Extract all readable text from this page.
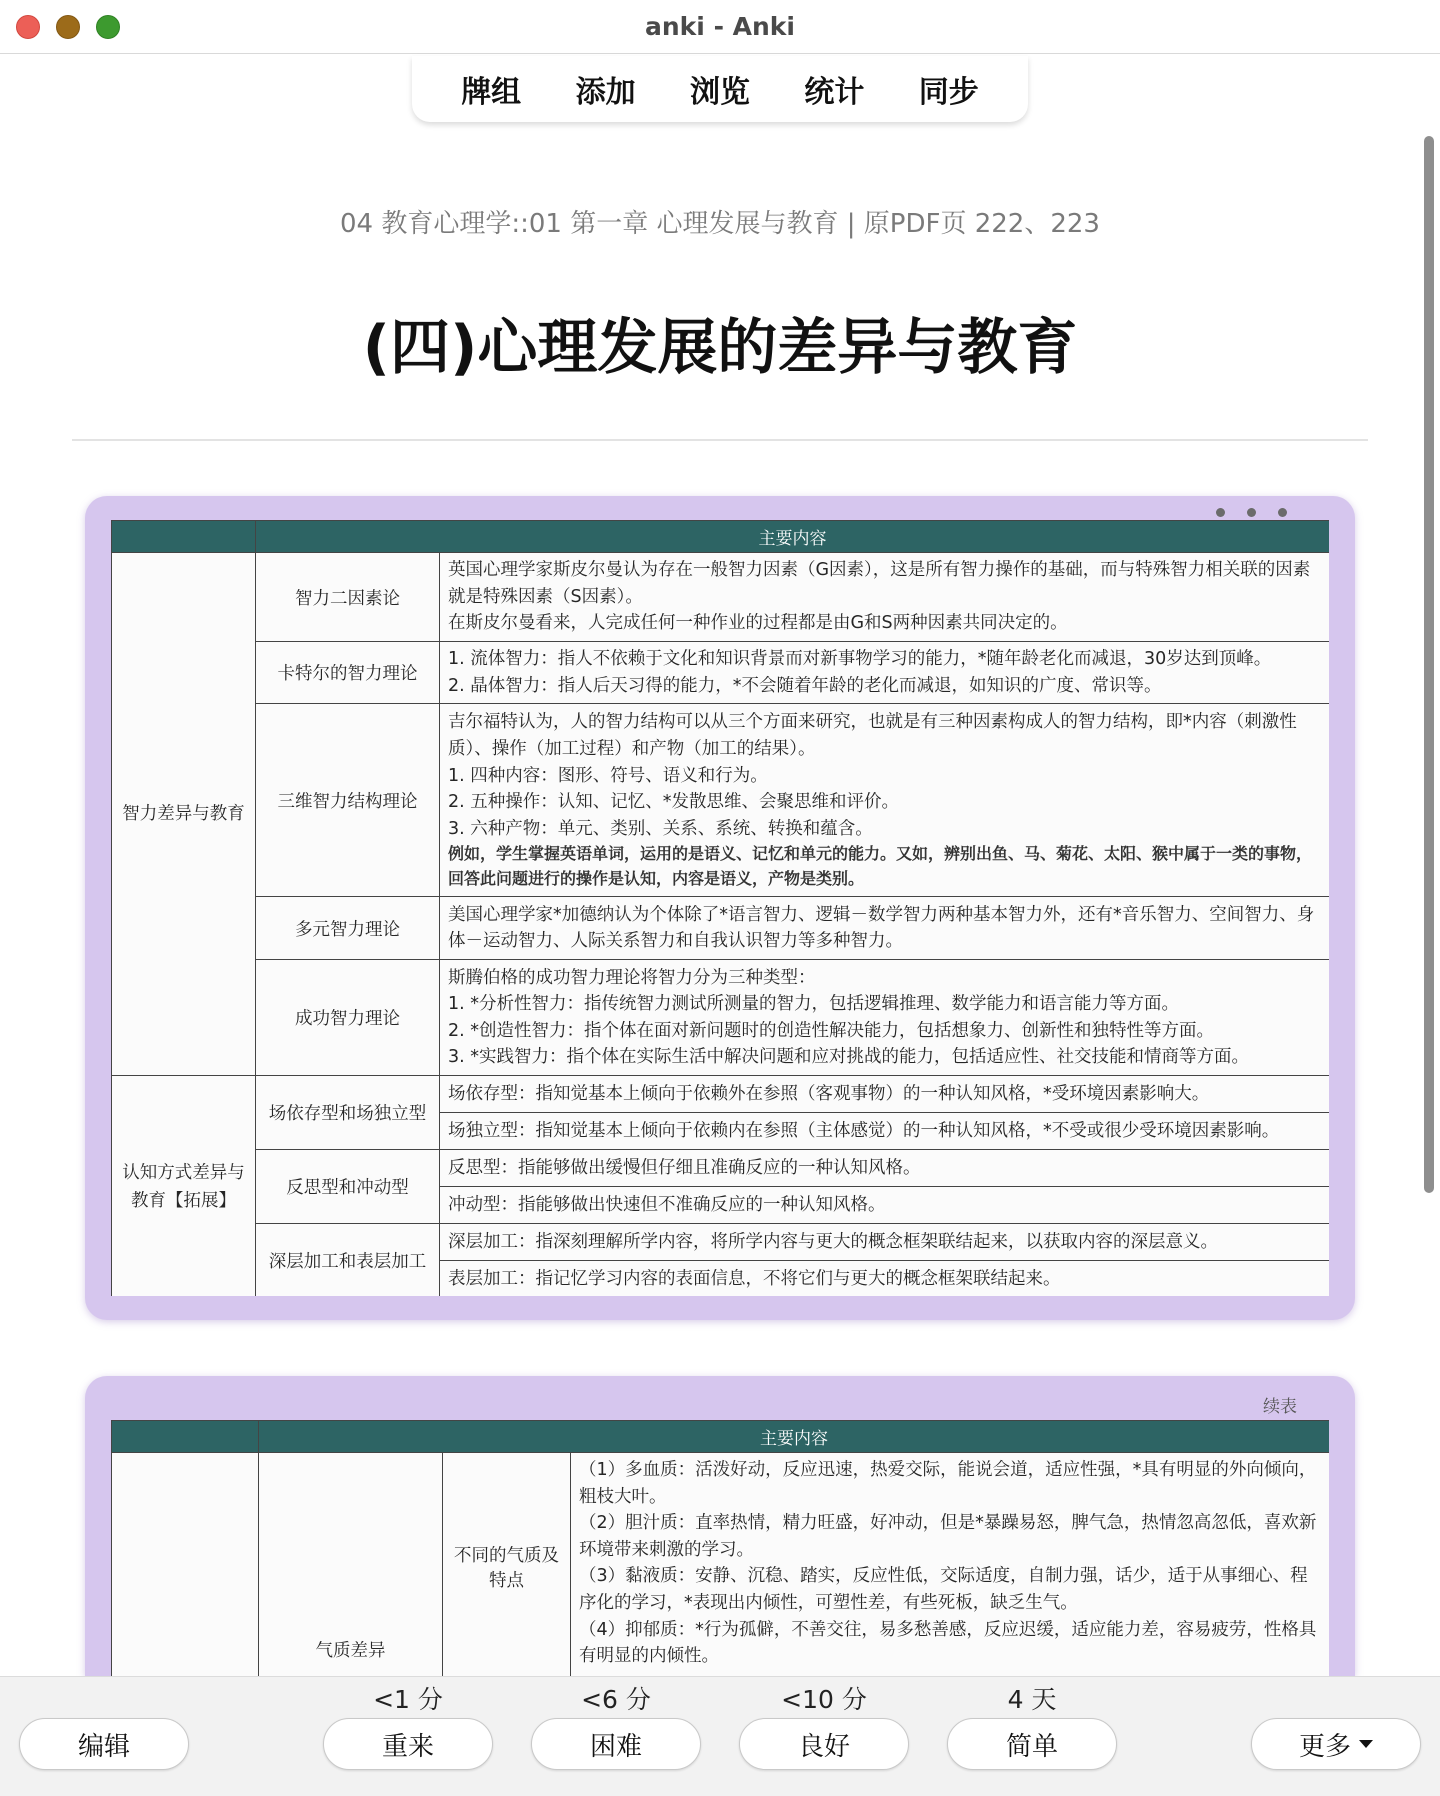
anki - Anki
牌组	添加	浏览	统计	同步
04 教育心理学::01 第一章 心理发展与教育 | 原PDF页 222、223
(四)心理发展的差异与教育
	主要内容	
智力差异与教育	智力二因素论	英国心理学家斯皮尔曼认为存在一般智力因素（G因素），这是所有智力操作的基础，而与特殊智力相关联的因素就是特殊因素（S因素）。

在斯皮尔曼看来，人完成任何一种作业的过程都是由G和S两种因素共同决定的。

	卡特尔的智力理论	1. 流体智力：指人不依赖于文化和知识背景而对新事物学习的能力，*随年龄老化而减退，30岁达到顶峰。

2. 晶体智力：指人后天习得的能力，*不会随着年龄的老化而减退，如知识的广度、常识等。

	三维智力结构理论	吉尔福特认为，人的智力结构可以从三个方面来研究，也就是有三种因素构成人的智力结构，即*内容（刺激性质）、操作（加工过程）和产物（加工的结果）。

1. 四种内容：图形、符号、语义和行为。

2. 五种操作：认知、记忆、*发散思维、会聚思维和评价。

3. 六种产物：单元、类别、关系、系统、转换和蕴含。

例如，学生掌握英语单词，运用的是语义、记忆和单元的能力。又如，辨别出鱼、马、菊花、太阳、猴中属于一类的事物，回答此问题进行的操作是认知，内容是语义，产物是类别。

	多元智力理论	美国心理学家*加德纳认为个体除了*语言智力、逻辑－数学智力两种基本智力外，还有*音乐智力、空间智力、身体－运动智力、人际关系智力和自我认识智力等多种智力。

	成功智力理论	斯腾伯格的成功智力理论将智力分为三种类型：

1. *分析性智力：指传统智力测试所测量的智力，包括逻辑推理、数学能力和语言能力等方面。

2. *创造性智力：指个体在面对新问题时的创造性解决能力，包括想象力、创新性和独特性等方面。

3. *实践智力：指个体在实际生活中解决问题和应对挑战的能力，包括适应性、社交技能和情商等方面。

认知方式差异与教育【拓展】	场依存型和场独立型	场依存型：指知觉基本上倾向于依赖外在参照（客观事物）的一种认知风格，*受环境因素影响大。
		场独立型：指知觉基本上倾向于依赖内在参照（主体感觉）的一种认知风格，*不受或很少受环境因素影响。
	反思型和冲动型	反思型：指能够做出缓慢但仔细且准确反应的一种认知风格。
		冲动型：指能够做出快速但不准确反应的一种认知风格。
	深层加工和表层加工	深层加工：指深刻理解所学内容，将所学内容与更大的概念框架联结起来，以获取内容的深层意义。
		表层加工：指记忆学习内容的表面信息，不将它们与更大的概念框架联结起来。
续表
	主要内容		
	气质差异	不同的气质及特点	（1）多血质：活泼好动，反应迅速，热爱交际，能说会道，适应性强，*具有明显的外向倾向，粗枝大叶。

（2）胆汁质：直率热情，精力旺盛，好冲动，但是*暴躁易怒，脾气急，热情忽高忽低，喜欢新环境带来刺激的学习。

（3）黏液质：安静、沉稳、踏实，反应性低，交际适度，自制力强，话少，适于从事细心、程序化的学习，*表现出内倾性，可塑性差，有些死板，缺乏生气。

（4）抑郁质：*行为孤僻，不善交往，易多愁善感，反应迟缓，适应能力差，容易疲劳，性格具有明显的内倾性。

<1 分	<6 分	<10 分	4 天
编辑	重来	困难	良好	简单	更多
